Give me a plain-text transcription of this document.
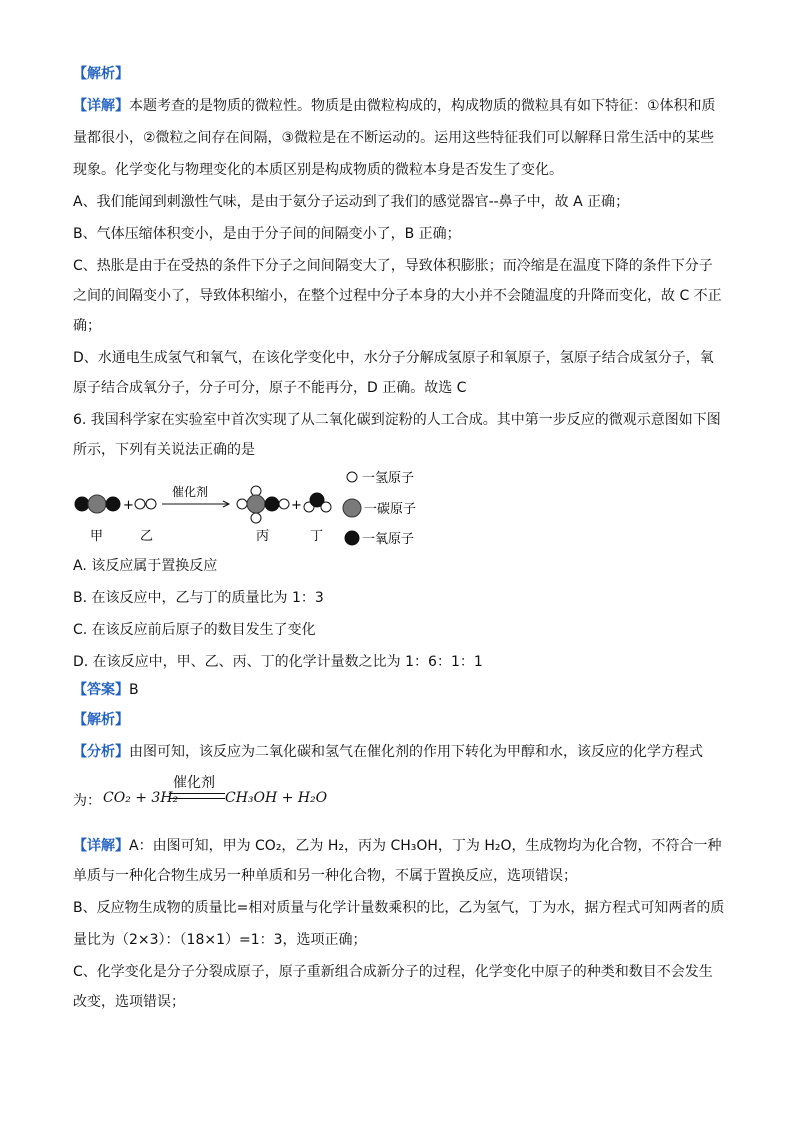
【解析】
【详解】本题考查的是物质的微粒性。物质是由微粒构成的，构成物质的微粒具有如下特征：①体积和质
量都很小，②微粒之间存在间隔，③微粒是在不断运动的。运用这些特征我们可以解释日常生活中的某些
现象。化学变化与物理变化的本质区别是构成物质的微粒本身是否发生了变化。
A、我们能闻到刺激性气味，是由于氨分子运动到了我们的感觉器官--鼻子中，故 A 正确；
B、气体压缩体积变小，是由于分子间的间隔变小了，B 正确；
C、热胀是由于在受热的条件下分子之间间隔变大了，导致体积膨胀；而冷缩是在温度下降的条件下分子
之间的间隔变小了，导致体积缩小，在整个过程中分子本身的大小并不会随温度的升降而变化，故 C 不正
确；
D、水通电生成氢气和氧气，在该化学变化中，水分子分解成氢原子和氧原子，氢原子结合成氢分子，氧
原子结合成氧分子，分子可分，原子不能再分，D 正确。故选 C
6. 我国科学家在实验室中首次实现了从二氧化碳到淀粉的人工合成。其中第一步反应的微观示意图如下图
所示，下列有关说法正确的是
+
催化剂
+
甲	乙	丙	丁
一氢原子
一碳原子
一氧原子
A. 该反应属于置换反应
B. 在该反应中，乙与丁的质量比为 1：3
C. 在该反应前后原子的数目发生了变化
D. 在该反应中，甲、乙、丙、丁的化学计量数之比为 1：6：1：1
【答案】B
【解析】
【分析】由图可知，该反应为二氧化碳和氢气在催化剂的作用下转化为甲醇和水，该反应的化学方程式
为： CO₂ + 3H₂
催化剂
CH₃OH + H₂O
【详解】A：由图可知，甲为 CO₂，乙为 H₂，丙为 CH₃OH，丁为 H₂O，生成物均为化合物，不符合一种
单质与一种化合物生成另一种单质和另一种化合物，不属于置换反应，选项错误；
B、反应物生成物的质量比=相对质量与化学计量数乘积的比，乙为氢气，丁为水，据方程式可知两者的质
量比为（2×3）：（18×1）=1：3，选项正确；
C、化学变化是分子分裂成原子，原子重新组合成新分子的过程，化学变化中原子的种类和数目不会发生
改变，选项错误；
